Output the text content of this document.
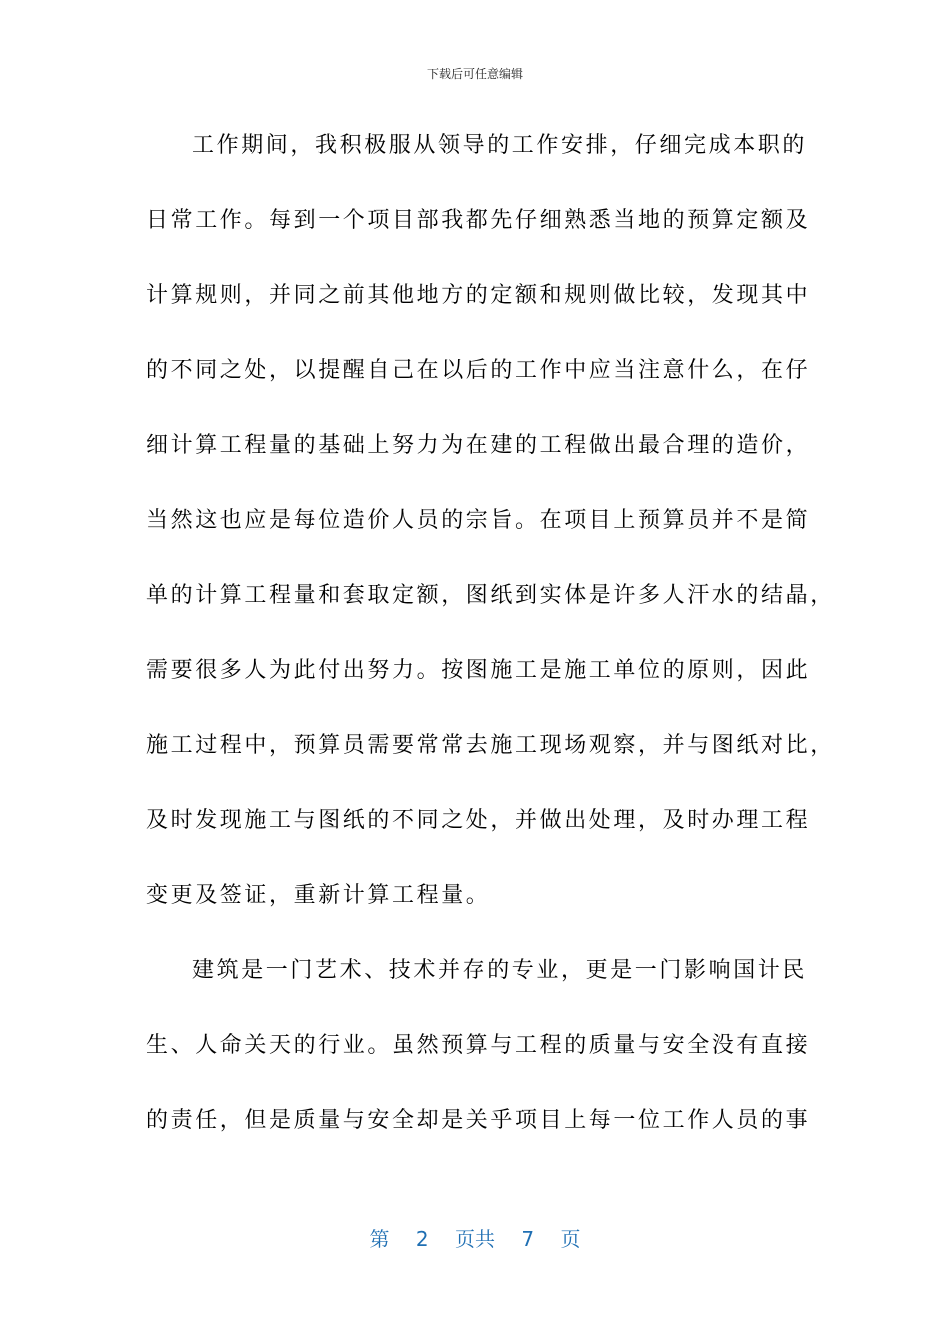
下载后可任意编辑
工作期间，我积极服从领导的工作安排，仔细完成本职的
日常工作。每到一个项目部我都先仔细熟悉当地的预算定额及
计算规则，并同之前其他地方的定额和规则做比较，发现其中
的不同之处，以提醒自己在以后的工作中应当注意什么，在仔
细计算工程量的基础上努力为在建的工程做出最合理的造价，
当然这也应是每位造价人员的宗旨。在项目上预算员并不是简
单的计算工程量和套取定额，图纸到实体是许多人汗水的结晶，
需要很多人为此付出努力。按图施工是施工单位的原则，因此
施工过程中，预算员需要常常去施工现场观察，并与图纸对比，
及时发现施工与图纸的不同之处，并做出处理，及时办理工程
变更及签证，重新计算工程量。
建筑是一门艺术、技术并存的专业，更是一门影响国计民
生、人命关天的行业。虽然预算与工程的质量与安全没有直接
的责任，但是质量与安全却是关乎项目上每一位工作人员的事
第 2 页共 7 页
